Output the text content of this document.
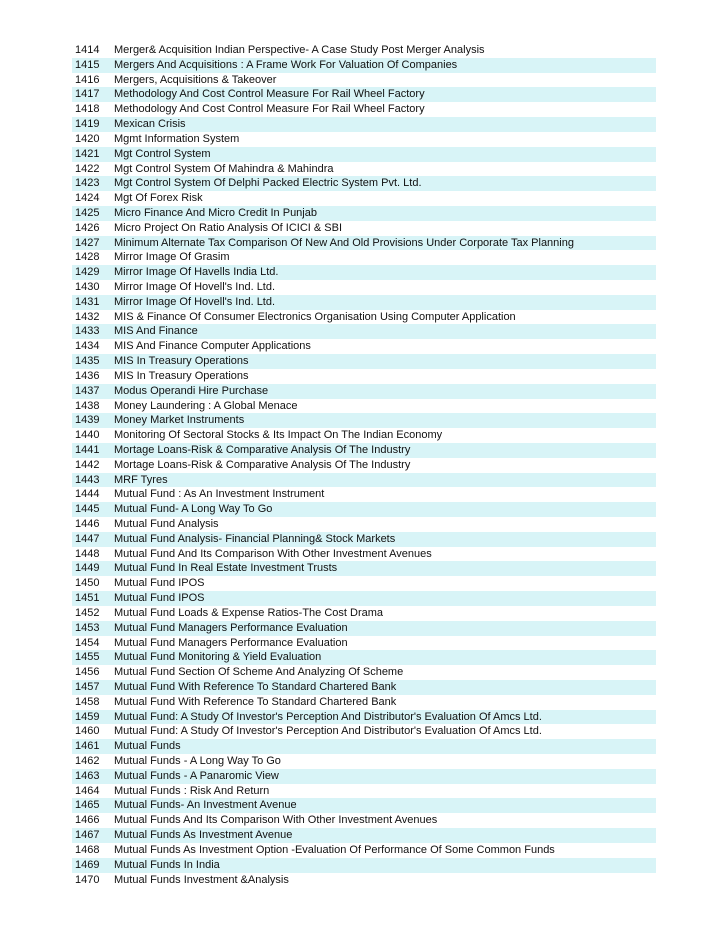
1414	Merger& Acquisition Indian Perspective- A Case Study Post Merger Analysis
1415	Mergers And Acquisitions : A Frame Work For Valuation Of Companies
1416	Mergers, Acquisitions & Takeover
1417	Methodology And Cost Control Measure For Rail Wheel Factory
1418	Methodology And Cost Control Measure For Rail Wheel Factory
1419	Mexican Crisis
1420	Mgmt Information System
1421	Mgt Control System
1422	Mgt Control System Of Mahindra & Mahindra
1423	Mgt Control System Of Delphi Packed Electric System Pvt. Ltd.
1424	Mgt Of Forex Risk
1425	Micro Finance And Micro Credit In Punjab
1426	Micro Project On Ratio Analysis Of ICICI & SBI
1427	Minimum Alternate Tax Comparison Of New And Old Provisions Under Corporate Tax Planning
1428	Mirror Image Of Grasim
1429	Mirror Image Of Havells India Ltd.
1430	Mirror Image Of Hovell's Ind. Ltd.
1431	Mirror Image Of Hovell's Ind. Ltd.
1432	MIS & Finance Of Consumer Electronics Organisation Using Computer Application
1433	MIS And Finance
1434	MIS And Finance Computer Applications
1435	MIS In Treasury Operations
1436	MIS In Treasury Operations
1437	Modus Operandi Hire Purchase
1438	Money Laundering : A Global Menace
1439	Money Market Instruments
1440	Monitoring Of Sectoral Stocks & Its Impact On The Indian Economy
1441	Mortage Loans-Risk & Comparative Analysis Of The Industry
1442	Mortage Loans-Risk & Comparative Analysis Of The Industry
1443	MRF Tyres
1444	Mutual Fund : As An Investment Instrument
1445	Mutual Fund- A Long Way To Go
1446	Mutual Fund Analysis
1447	Mutual Fund Analysis- Financial Planning& Stock Markets
1448	Mutual Fund And Its Comparison With Other Investment Avenues
1449	Mutual Fund In Real Estate Investment Trusts
1450	Mutual Fund IPOS
1451	Mutual Fund IPOS
1452	Mutual Fund Loads & Expense Ratios-The Cost Drama
1453	Mutual Fund Managers Performance Evaluation
1454	Mutual Fund Managers Performance Evaluation
1455	Mutual Fund Monitoring & Yield Evaluation
1456	Mutual Fund Section Of Scheme And Analyzing Of Scheme
1457	Mutual Fund With Reference To Standard Chartered Bank
1458	Mutual Fund With Reference To Standard Chartered Bank
1459	Mutual Fund: A Study Of Investor's Perception And Distributor's Evaluation Of Amcs Ltd.
1460	Mutual Fund: A Study Of Investor's Perception And Distributor's Evaluation Of Amcs Ltd.
1461	Mutual Funds
1462	Mutual Funds - A Long Way To Go
1463	Mutual Funds - A Panaromic View
1464	Mutual Funds : Risk And Return
1465	Mutual Funds- An Investment Avenue
1466	Mutual Funds And Its Comparison With Other Investment Avenues
1467	Mutual Funds As Investment Avenue
1468	Mutual Funds As Investment Option -Evaluation Of Performance Of Some Common Funds
1469	Mutual Funds In India
1470	Mutual Funds Investment &Analysis
